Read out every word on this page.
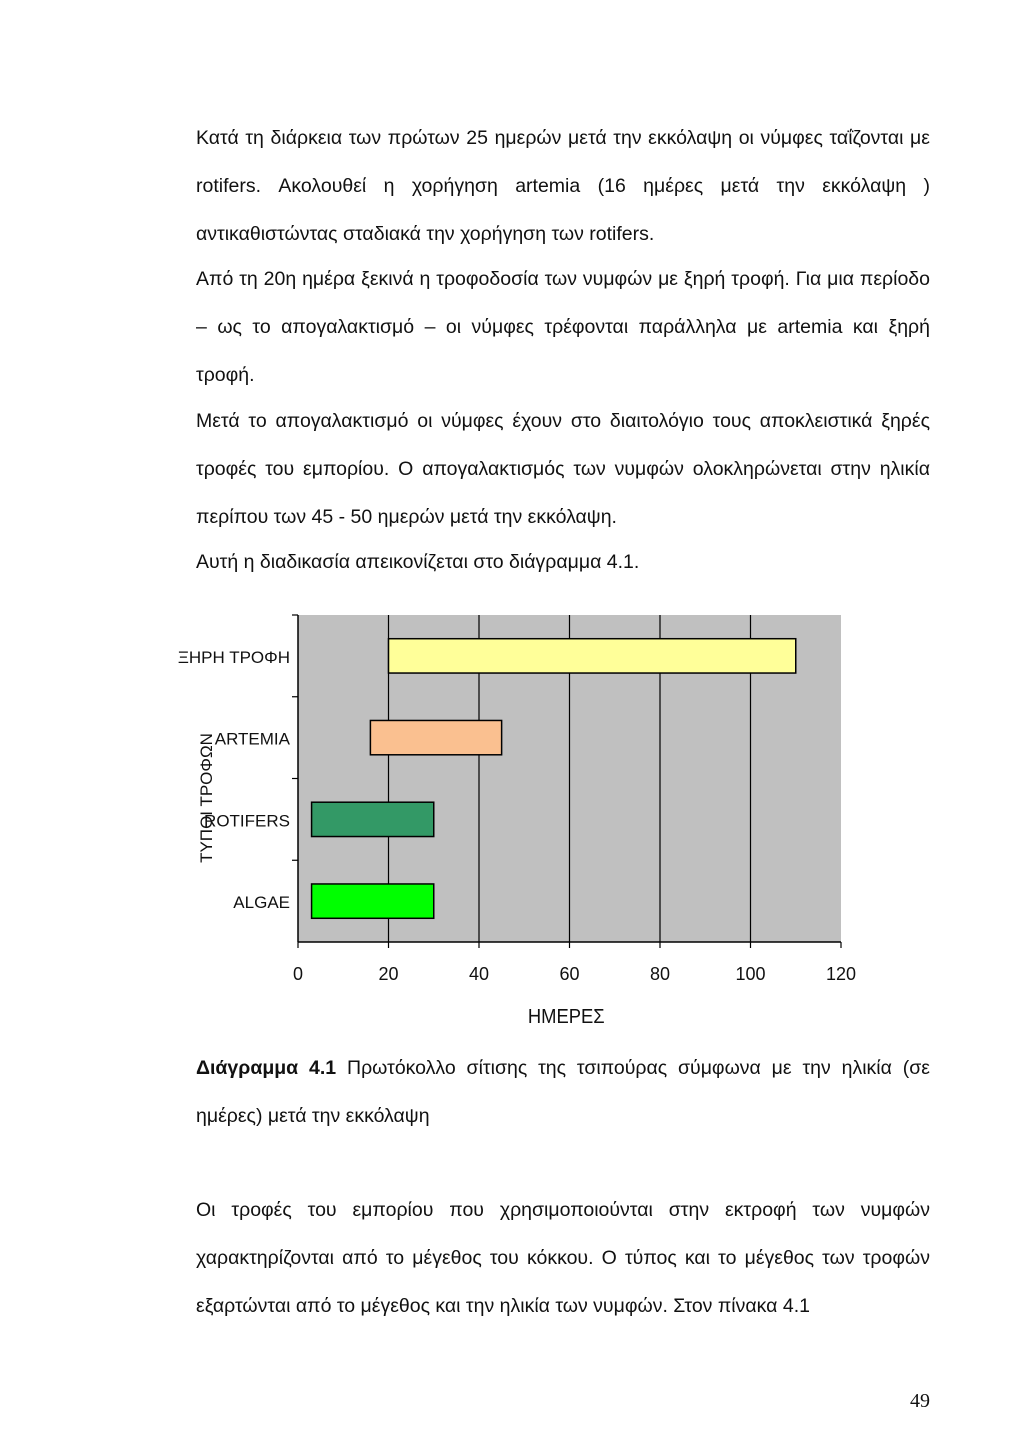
Κατά τη διάρκεια των πρώτων 25 ημερών μετά την εκκόλαψη οι νύμφες ταΐζονται με rotifers. Ακολουθεί η χορήγηση artemia (16 ημέρες μετά την εκκόλαψη ) αντικαθιστώντας σταδιακά την χορήγηση των rotifers.

Από τη 20η ημέρα ξεκινά η τροφοδοσία των νυμφών με ξηρή τροφή. Για μια περίοδο – ως το απογαλακτισμό – οι νύμφες τρέφονται παράλληλα με artemia και ξηρή τροφή.

Μετά το απογαλακτισμό οι νύμφες έχουν στο διαιτολόγιο τους αποκλειστικά ξηρές τροφές του εμπορίου. Ο απογαλακτισμός των νυμφών ολοκληρώνεται στην ηλικία περίπου των 45 - 50 ημερών μετά την εκκόλαψη.

Αυτή η διαδικασία απεικονίζεται στο διάγραμμα 4.1.

0	20	40	60	80	100	120
ΞΗΡΗ ΤΡΟΦΗ
ARTEMIA
ROTIFERS
ALGAE
ΗΜΕΡΕΣ
ΤΥΠΟΙ ΤΡΟΦΩΝ

Διάγραμμα 4.1 Πρωτόκολλο σίτισης της τσιπούρας σύμφωνα με την ηλικία (σε ημέρες) μετά την εκκόλαψη

Οι τροφές του εμπορίου που χρησιμοποιούνται στην εκτροφή των νυμφών χαρακτηρίζονται από το μέγεθος του κόκκου. Ο τύπος και το μέγεθος των τροφών εξαρτώνται από το μέγεθος και την ηλικία των νυμφών. Στον πίνακα 4.1

49
